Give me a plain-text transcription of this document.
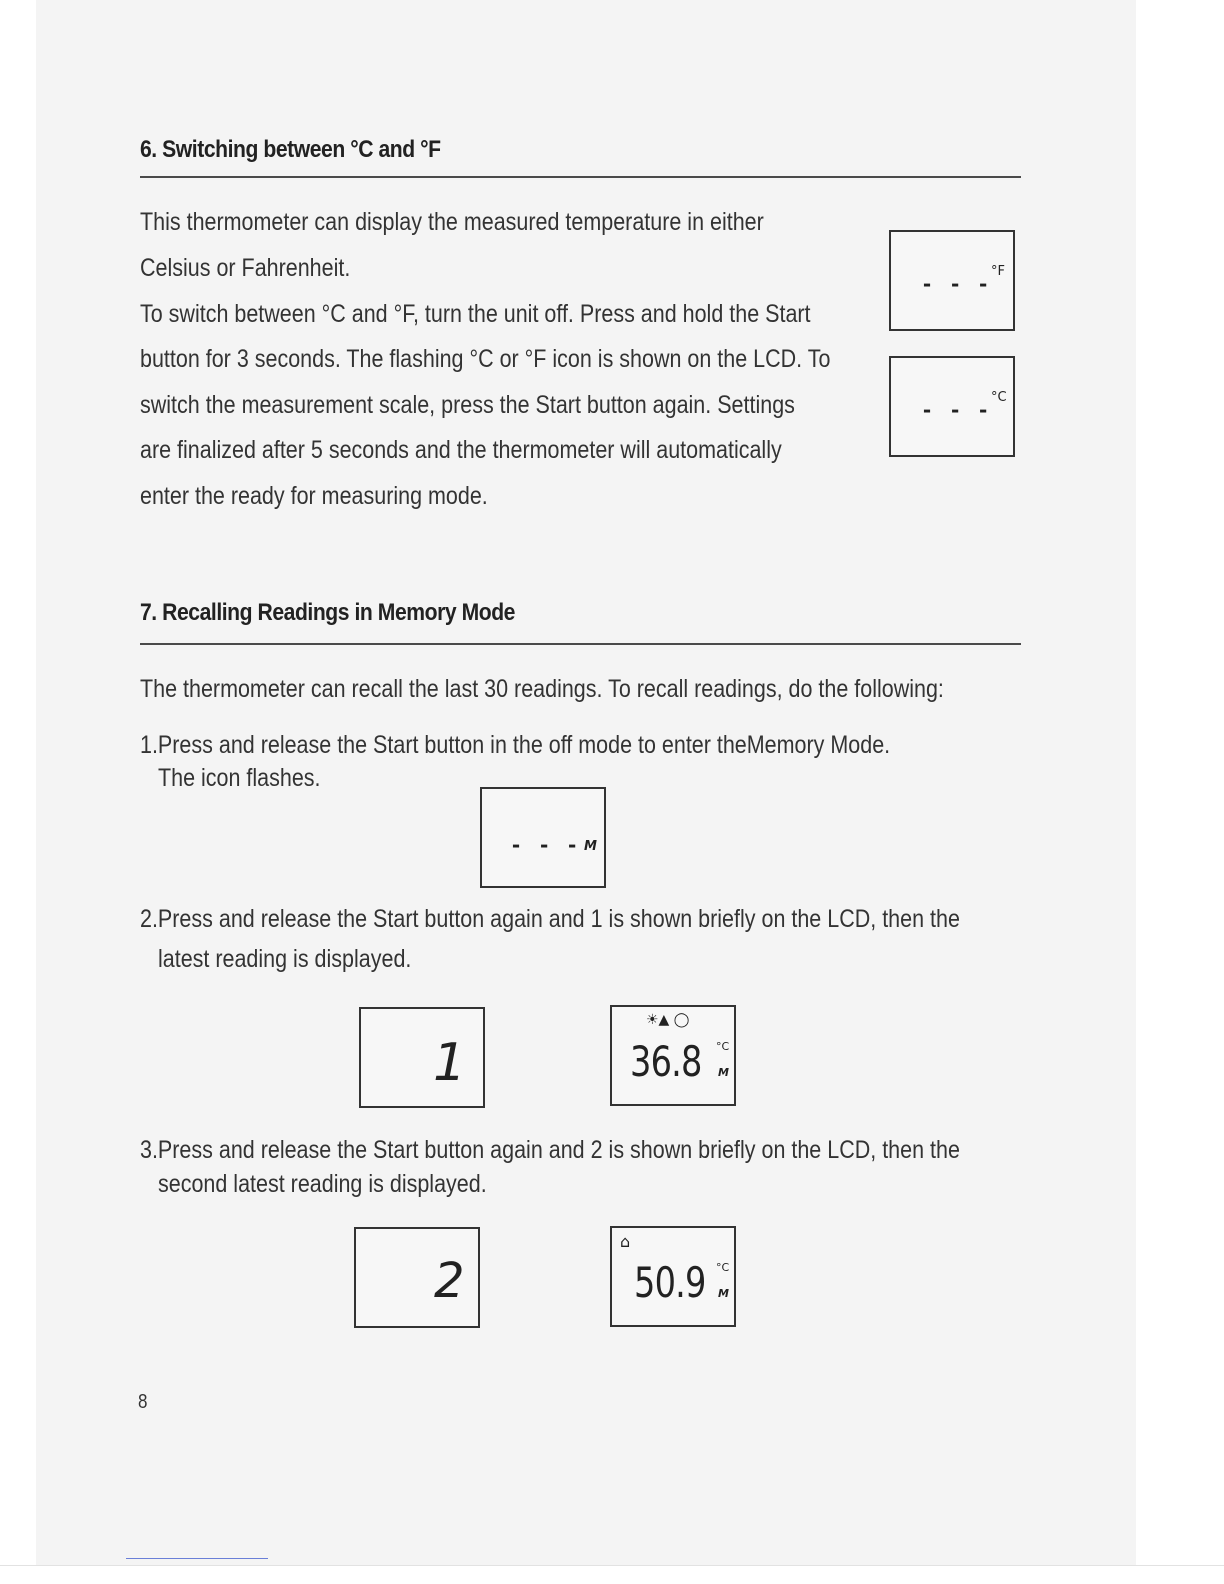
6. Switching between °C and °F
This thermometer can display the measured temperature in either
Celsius or Fahrenheit.
To switch between °C and °F, turn the unit off. Press and hold the Start
button for 3 seconds. The flashing °C or °F icon is shown on the LCD. To
switch the measurement scale, press the Start button again. Settings
are finalized after 5 seconds and the thermometer will automatically
enter the ready for measuring mode.
- - -
°F
- - -
°C
7. Recalling Readings in Memory Mode
The thermometer can recall the last 30 readings. To recall readings, do the following:
1.Press and release the Start button in the off mode to enter theMemory Mode.
The icon flashes.
- - - M
2.Press and release the Start button again and 1 is shown briefly on the LCD, then the
latest reading is displayed.
1
☀▲ ◯
36.8 °C
M
3.Press and release the Start button again and 2 is shown briefly on the LCD, then the
second latest reading is displayed.
2
⌂
50.9 °C
M
8
